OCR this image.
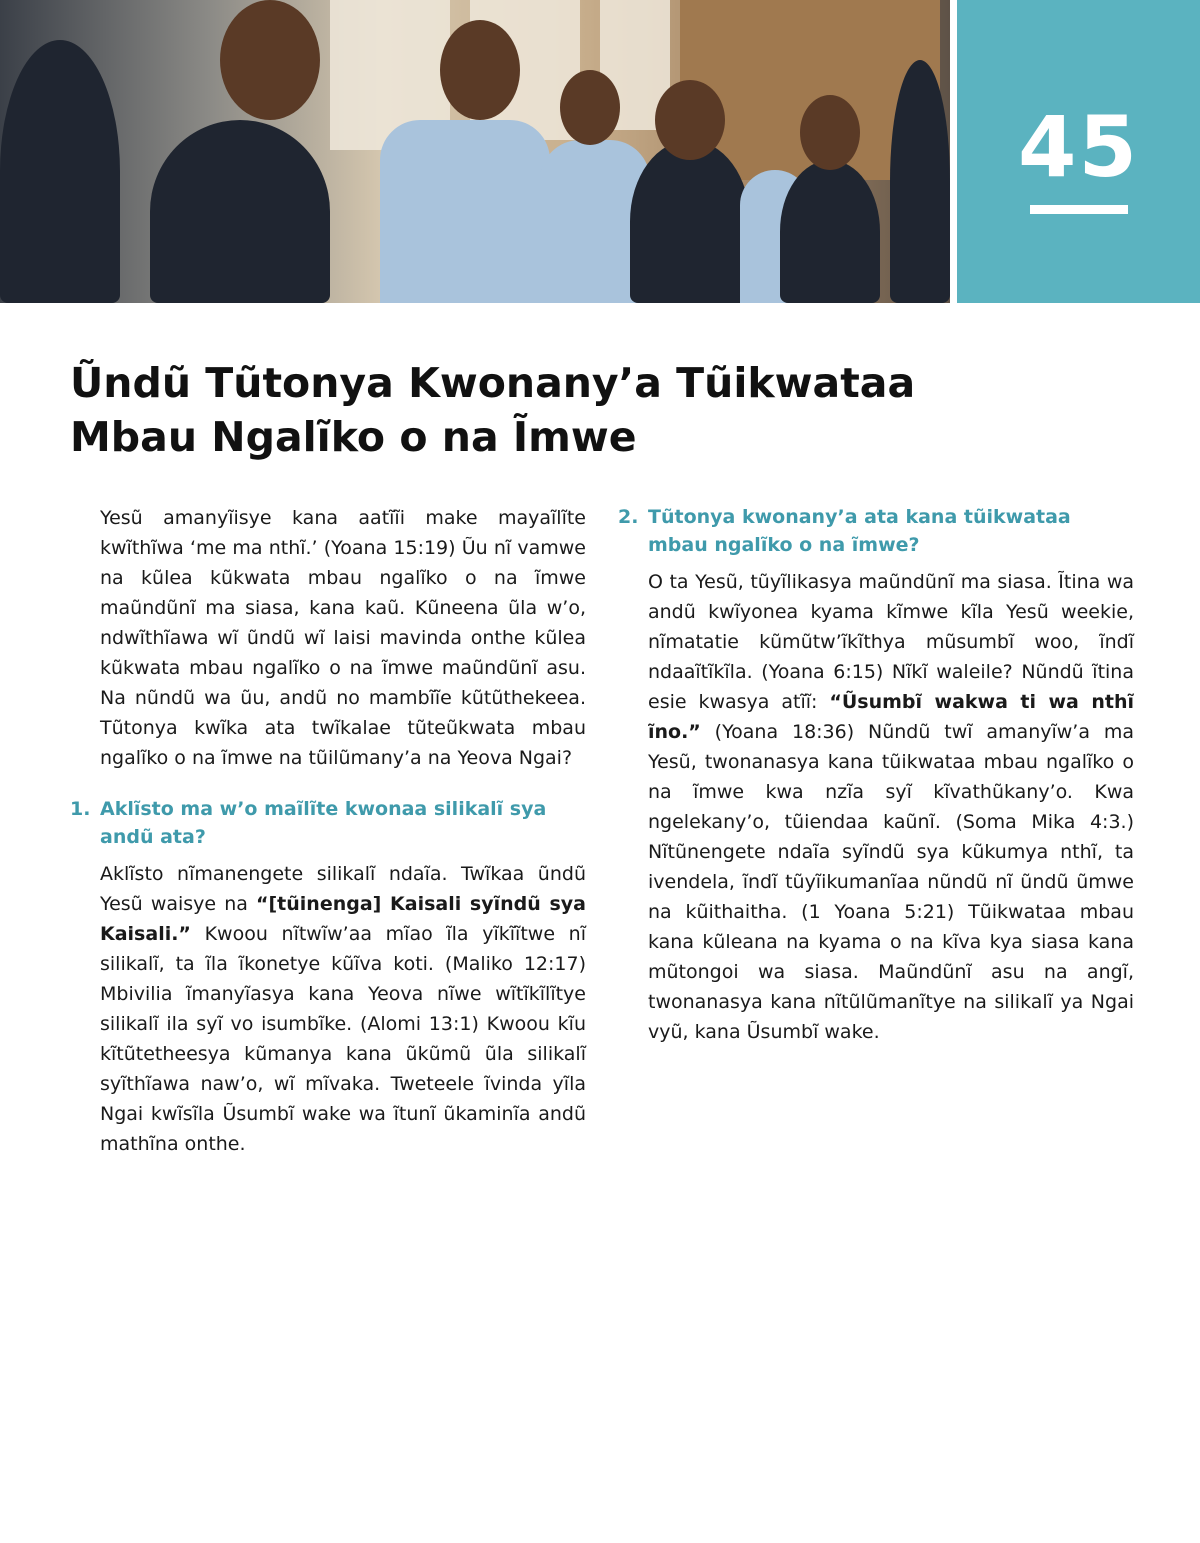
45
Ũndũ Tũtonya Kwonany’a Tũikwataa
Mbau Ngalĩko o na Ĩmwe

Yesũ amanyĩisye kana aatĩĩi make mayaĩlĩte kwĩthĩwa ‘me ma nthĩ.’ (Yoana 15:19) Ũu nĩ vamwe na kũlea kũkwata mbau ngalĩko o na ĩmwe maũndũnĩ ma siasa, kana kaũ. Kũneena ũla w’o, ndwĩthĩawa wĩ ũndũ wĩ laisi mavinda onthe kũlea kũkwata mbau ngalĩko o na ĩmwe maũndũnĩ asu. Na nũndũ wa ũu, andũ no mambĩĩe kũtũthekeea. Tũtonya kwĩka ata twĩkalae tũteũkwata mbau ngalĩko o na ĩmwe na tũilũmany’a na Yeova Ngai?

1. Aklĩsto ma w’o maĩlĩte kwonaa silikalĩ sya andũ ata?

Aklĩsto nĩmanengete silikalĩ ndaĩa. Twĩkaa ũndũ Yesũ waisye na “[tũinenga] Kaisali syĩndũ sya Kaisali.” Kwoou nĩtwĩw’aa mĩao ĩla yĩkĩĩtwe nĩ silikalĩ, ta ĩla ĩkonetye kũĩva koti. (Maliko 12:17) Mbivilia ĩmanyĩasya kana Yeova nĩwe wĩtĩkĩlĩtye silikalĩ ila syĩ vo isumbĩke. (Alomi 13:1) Kwoou kĩu kĩtũtetheesya kũmanya kana ũkũmũ ũla silikalĩ syĩthĩawa naw’o, wĩ mĩvaka. Tweteele ĩvinda yĩla Ngai kwĩsĩla Ũsumbĩ wake wa ĩtunĩ ũkaminĩa andũ mathĩna onthe.

2. Tũtonya kwonany’a ata kana tũikwataa mbau ngalĩko o na ĩmwe?

O ta Yesũ, tũyĩlikasya maũndũnĩ ma siasa. Ĩtina wa andũ kwĩyonea kyama kĩmwe kĩla Yesũ weekie, nĩmatatie kũmũtw’ĩkĩthya mũsumbĩ woo, ĩndĩ ndaaĩtĩkĩla. (Yoana 6:15) Nĩkĩ waleile? Nũndũ ĩtina esie kwasya atĩĩ: “Ũsumbĩ wakwa ti wa nthĩ ĩno.” (Yoana 18:36) Nũndũ twĩ amanyĩw’a ma Yesũ, twonanasya kana tũikwataa mbau ngalĩko o na ĩmwe kwa nzĩa syĩ kĩvathũkany’o. Kwa ngelekany’o, tũiendaa kaũnĩ. (Soma Mika 4:3.) Nĩtũnengete ndaĩa syĩndũ sya kũkumya nthĩ, ta ivendela, ĩndĩ tũyĩikumanĩaa nũndũ nĩ ũndũ ũmwe na kũithaitha. (1 Yoana 5:21) Tũikwataa mbau kana kũleana na kyama o na kĩva kya siasa kana mũtongoi wa siasa. Maũndũnĩ asu na angĩ, twonanasya kana nĩtũlũmanĩtye na silikalĩ ya Ngai vyũ, kana Ũsumbĩ wake.
